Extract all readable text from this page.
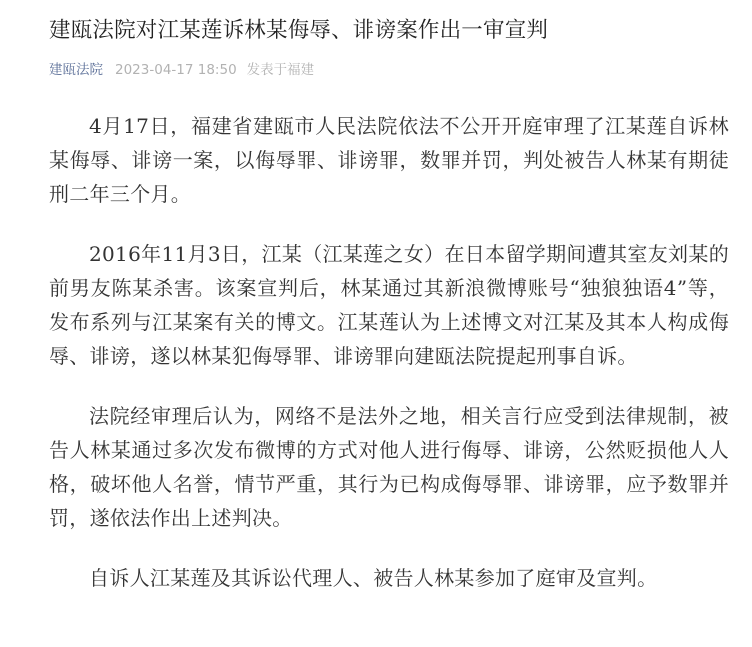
建瓯法院对江某莲诉林某侮辱、诽谤案作出一审宣判
建瓯法院 2023-04-17 18:50 发表于福建

4月17日，福建省建瓯市人民法院依法不公开开庭审理了江某莲自诉林某侮辱、诽谤一案，以侮辱罪、诽谤罪，数罪并罚，判处被告人林某有期徒刑二年三个月。

2016年11月3日，江某（江某莲之女）在日本留学期间遭其室友刘某的前男友陈某杀害。该案宣判后，林某通过其新浪微博账号“独狼独语4”等，发布系列与江某案有关的博文。江某莲认为上述博文对江某及其本人构成侮辱、诽谤，遂以林某犯侮辱罪、诽谤罪向建瓯法院提起刑事自诉。

法院经审理后认为，网络不是法外之地，相关言行应受到法律规制，被告人林某通过多次发布微博的方式对他人进行侮辱、诽谤，公然贬损他人人格，破坏他人名誉，情节严重，其行为已构成侮辱罪、诽谤罪，应予数罪并罚，遂依法作出上述判决。

自诉人江某莲及其诉讼代理人、被告人林某参加了庭审及宣判。
